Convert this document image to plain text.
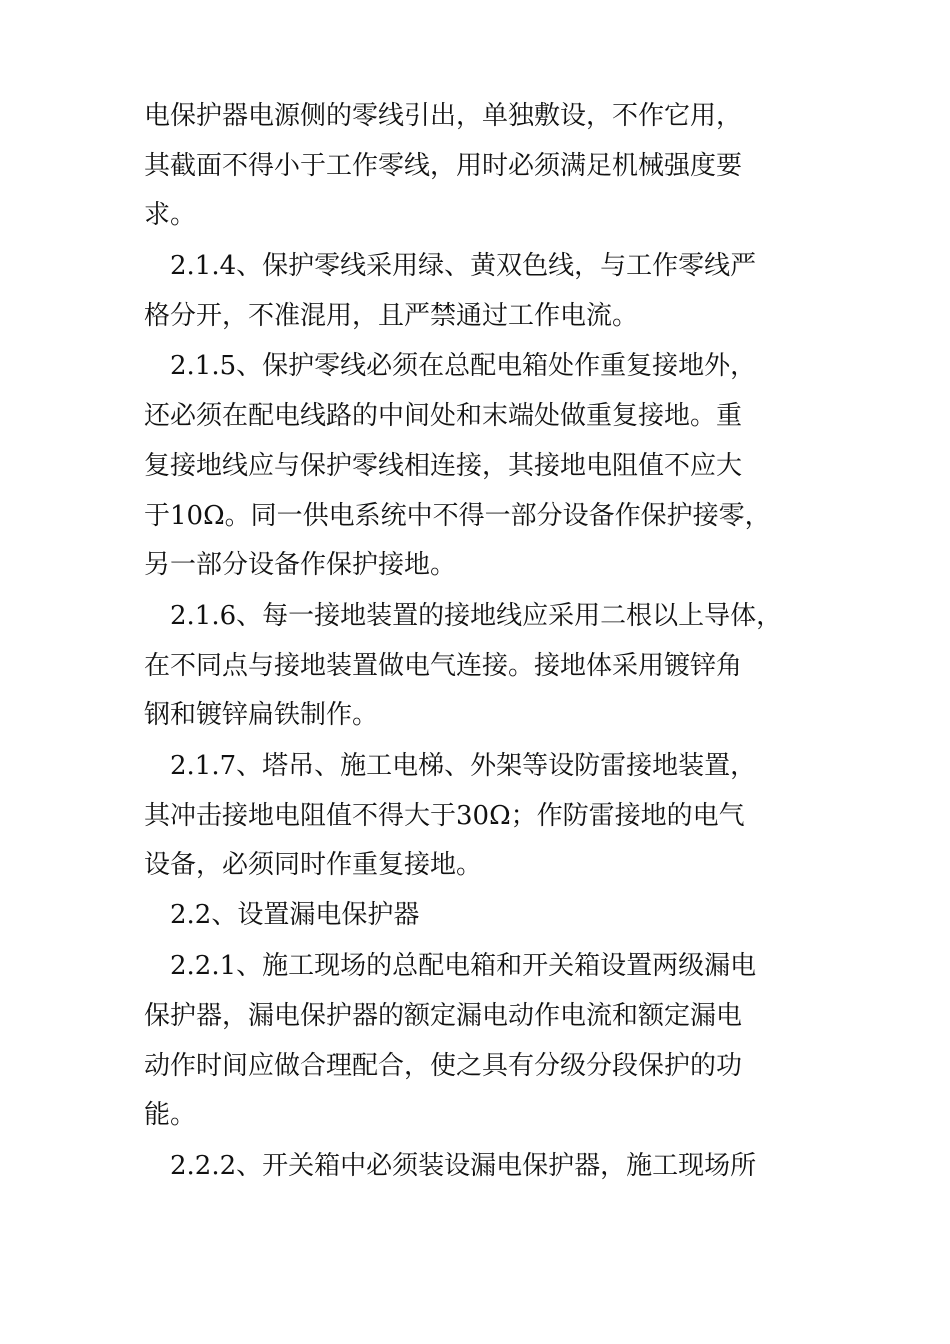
电保护器电源侧的零线引出，单独敷设，不作它用，
其截面不得小于工作零线，用时必须满足机械强度要
求。
2.1.4、保护零线采用绿、黄双色线，与工作零线严
格分开，不准混用，且严禁通过工作电流。
2.1.5、保护零线必须在总配电箱处作重复接地外，
还必须在配电线路的中间处和末端处做重复接地。重
复接地线应与保护零线相连接，其接地电阻值不应大
于10Ω。同一供电系统中不得一部分设备作保护接零，
另一部分设备作保护接地。
2.1.6、每一接地装置的接地线应采用二根以上导体，
在不同点与接地装置做电气连接。接地体采用镀锌角
钢和镀锌扁铁制作。
2.1.7、塔吊、施工电梯、外架等设防雷接地装置，
其冲击接地电阻值不得大于30Ω；作防雷接地的电气
设备，必须同时作重复接地。
2.2、设置漏电保护器
2.2.1、施工现场的总配电箱和开关箱设置两级漏电
保护器，漏电保护器的额定漏电动作电流和额定漏电
动作时间应做合理配合，使之具有分级分段保护的功
能。
2.2.2、开关箱中必须装设漏电保护器，施工现场所
